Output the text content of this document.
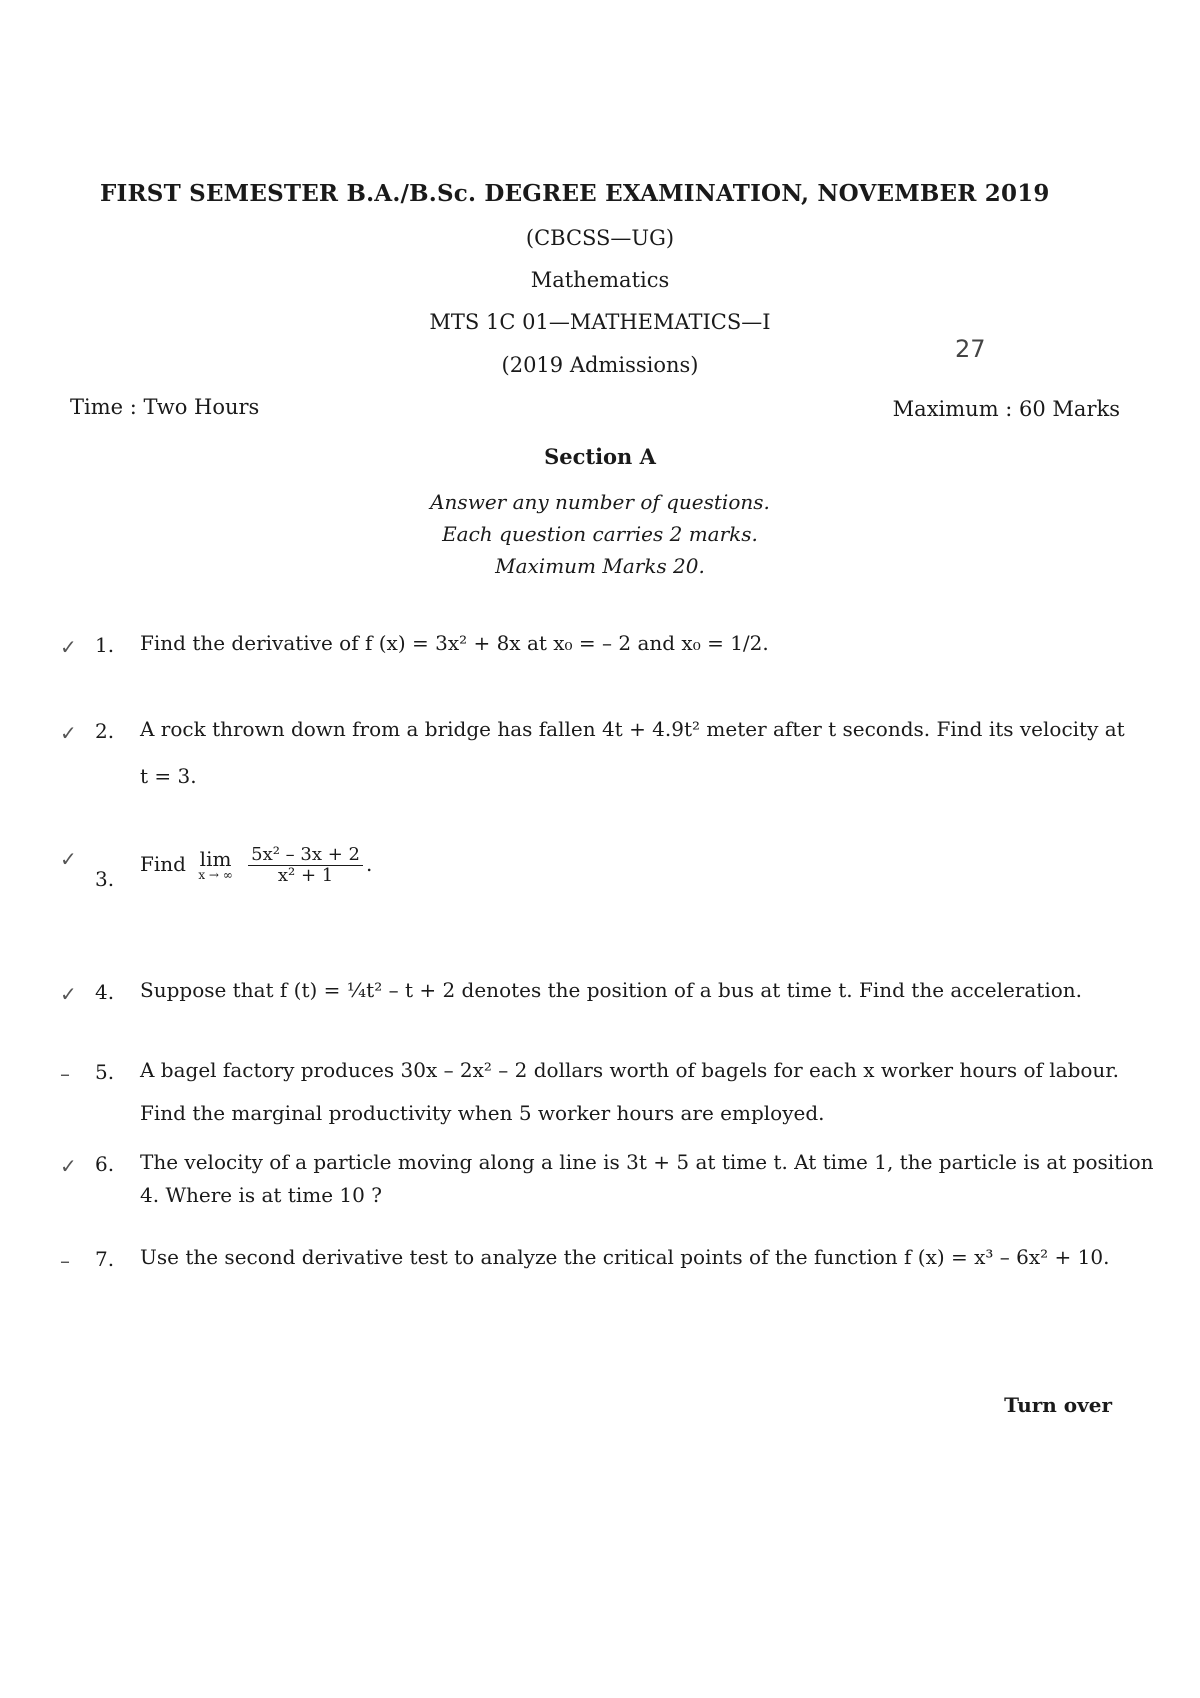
FIRST SEMESTER B.A./B.Sc. DEGREE EXAMINATION, NOVEMBER 2019
(CBCSS—UG)
Mathematics
MTS 1C 01—MATHEMATICS—I
(2019 Admissions)
27
Time : Two Hours	Maximum : 60 Marks
Section A
Answer any number of questions.
Each question carries 2 marks.
Maximum Marks 20.
✓ 1. Find the derivative of f (x) = 3x² + 8x at x₀ = – 2 and x₀ = 1/2.
✓ 2. A rock thrown down from a bridge has fallen 4t + 4.9t² meter after t seconds. Find its velocity at
t = 3.
✓
3.
Find lim
x → ∞
$\frac{\text{5x² – 3x + 2}}{\text{x² + 1}}$ .
✓ 4. Suppose that f (t) = ¼t² – t + 2 denotes the position of a bus at time t. Find the acceleration.
– 5. A bagel factory produces 30x – 2x² – 2 dollars worth of bagels for each x worker hours of labour.
Find the marginal productivity when 5 worker hours are employed.
✓ 6. The velocity of a particle moving along a line is 3t + 5 at time t. At time 1, the particle is at position
4. Where is at time 10 ?
– 7. Use the second derivative test to analyze the critical points of the function f (x) = x³ – 6x² + 10.
Turn over
